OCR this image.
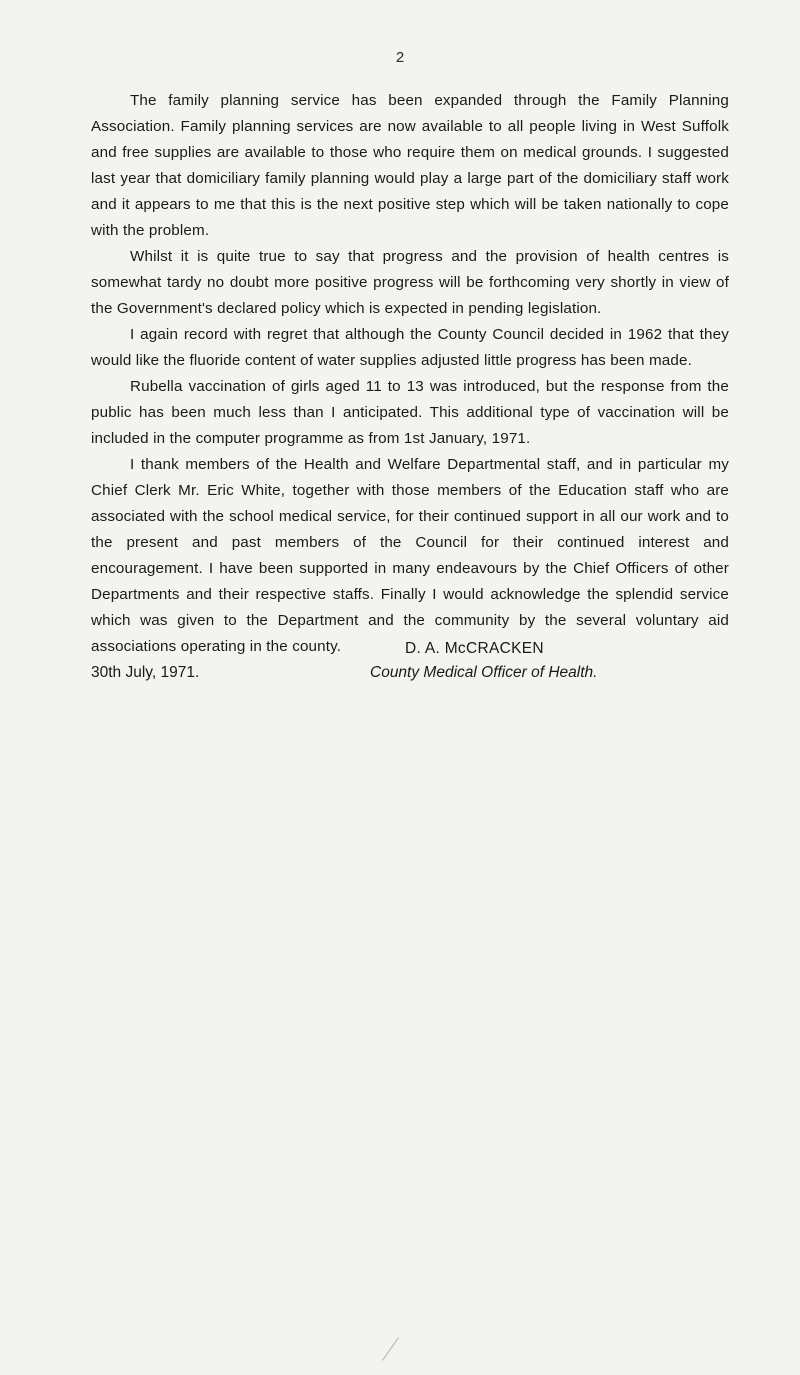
2

The family planning service has been expanded through the Family Planning Association. Family planning services are now available to all people living in West Suffolk and free supplies are available to those who require them on medical grounds. I suggested last year that domiciliary family planning would play a large part of the domiciliary staff work and it appears to me that this is the next positive step which will be taken nationally to cope with the problem.

Whilst it is quite true to say that progress and the provision of health centres is somewhat tardy no doubt more positive progress will be forthcoming very shortly in view of the Government's declared policy which is expected in pending legislation.

I again record with regret that although the County Council decided in 1962 that they would like the fluoride content of water supplies adjusted little progress has been made.

Rubella vaccination of girls aged 11 to 13 was introduced, but the response from the public has been much less than I anticipated. This additional type of vaccination will be included in the computer programme as from 1st January, 1971.

I thank members of the Health and Welfare Departmental staff, and in particular my Chief Clerk Mr. Eric White, together with those members of the Education staff who are associated with the school medical service, for their continued support in all our work and to the present and past members of the Council for their continued interest and encouragement. I have been supported in many endeavours by the Chief Officers of other Departments and their respective staffs. Finally I would acknowledge the splendid service which was given to the Department and the community by the several voluntary aid associations operating in the county.	D. A. McCRACKEN
30th July, 1971.	County Medical Officer of Health.
